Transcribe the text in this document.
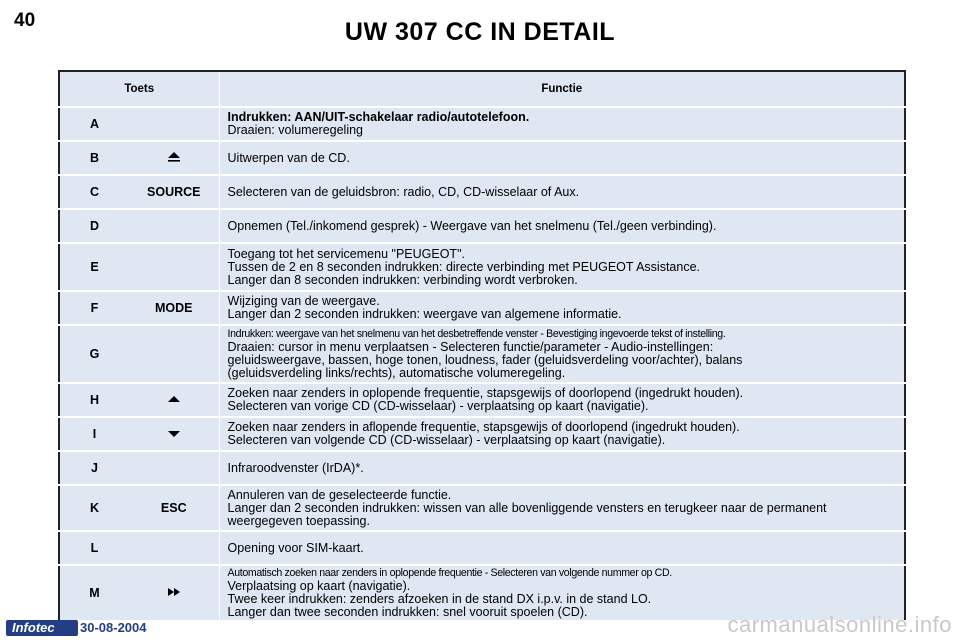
40	UW 307 CC IN DETAIL
Toets		Functie
A		Indrukken: AAN/UIT-schakelaar radio/autotelefoon.
Draaien: volumeregeling

B		Uitwerpen van de CD.

C	SOURCE	Selecteren van de geluidsbron: radio, CD, CD-wisselaar of Aux.

D		Opnemen (Tel./inkomend gesprek) - Weergave van het snelmenu (Tel./geen verbinding).

E		Toegang tot het servicemenu "PEUGEOT".
Tussen de 2 en 8 seconden indrukken: directe verbinding met PEUGEOT Assistance.
Langer dan 8 seconden indrukken: verbinding wordt verbroken.

F	MODE	Wijziging van de weergave.
Langer dan 2 seconden indrukken: weergave van algemene informatie.

G		Indrukken: weergave van het snelmenu van het desbetreffende venster - Bevestiging ingevoerde tekst of instelling.
Draaien: cursor in menu verplaatsen - Selecteren functie/parameter - Audio-instellingen:
geluidsweergave, bassen, hoge tonen, loudness, fader (geluidsverdeling voor/achter), balans
(geluidsverdeling links/rechts), automatische volumeregeling.

H		Zoeken naar zenders in oplopende frequentie, stapsgewijs of doorlopend (ingedrukt houden).
Selecteren van vorige CD (CD-wisselaar) - verplaatsing op kaart (navigatie).

I		Zoeken naar zenders in aflopende frequentie, stapsgewijs of doorlopend (ingedrukt houden).
Selecteren van volgende CD (CD-wisselaar) - verplaatsing op kaart (navigatie).

J		Infraroodvenster (IrDA)*.

K	ESC	Annuleren van de geselecteerde functie.
Langer dan 2 seconden indrukken: wissen van alle bovenliggende vensters en terugkeer naar de permanent weergegeven toepassing.

L		Opening voor SIM-kaart.

M		Automatisch zoeken naar zenders in oplopende frequentie - Selecteren van volgende nummer op CD.
Verplaatsing op kaart (navigatie).
Twee keer indrukken: zenders afzoeken in de stand DX i.p.v. in de stand LO.
Langer dan twee seconden indrukken: snel vooruit spoelen (CD).
Infotec	30-08-2004	carmanualsonline.info
